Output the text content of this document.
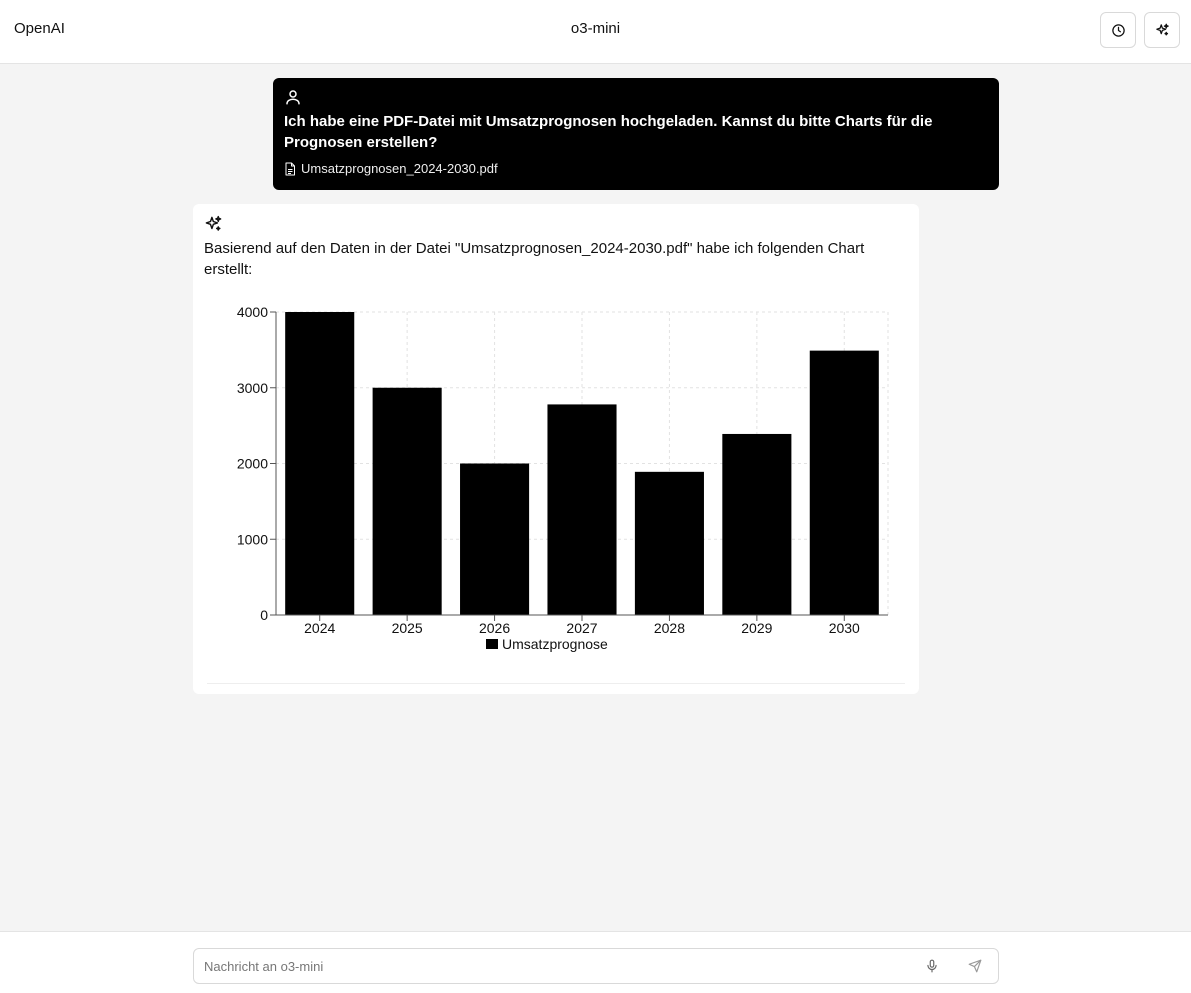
OpenAI	o3-mini
Ich habe eine PDF-Datei mit Umsatzprognosen hochgeladen. Kannst du bitte Charts für die Prognosen erstellen?
Umsatzprognosen_2024-2030.pdf
Basierend auf den Daten in der Datei "Umsatzprognosen_2024-2030.pdf" habe ich folgenden Chart erstellt:
0
1000
2000
3000
4000
2024	2025	2026	2027	2028	2029	2030
Umsatzprognose
Nachricht an o3-mini
